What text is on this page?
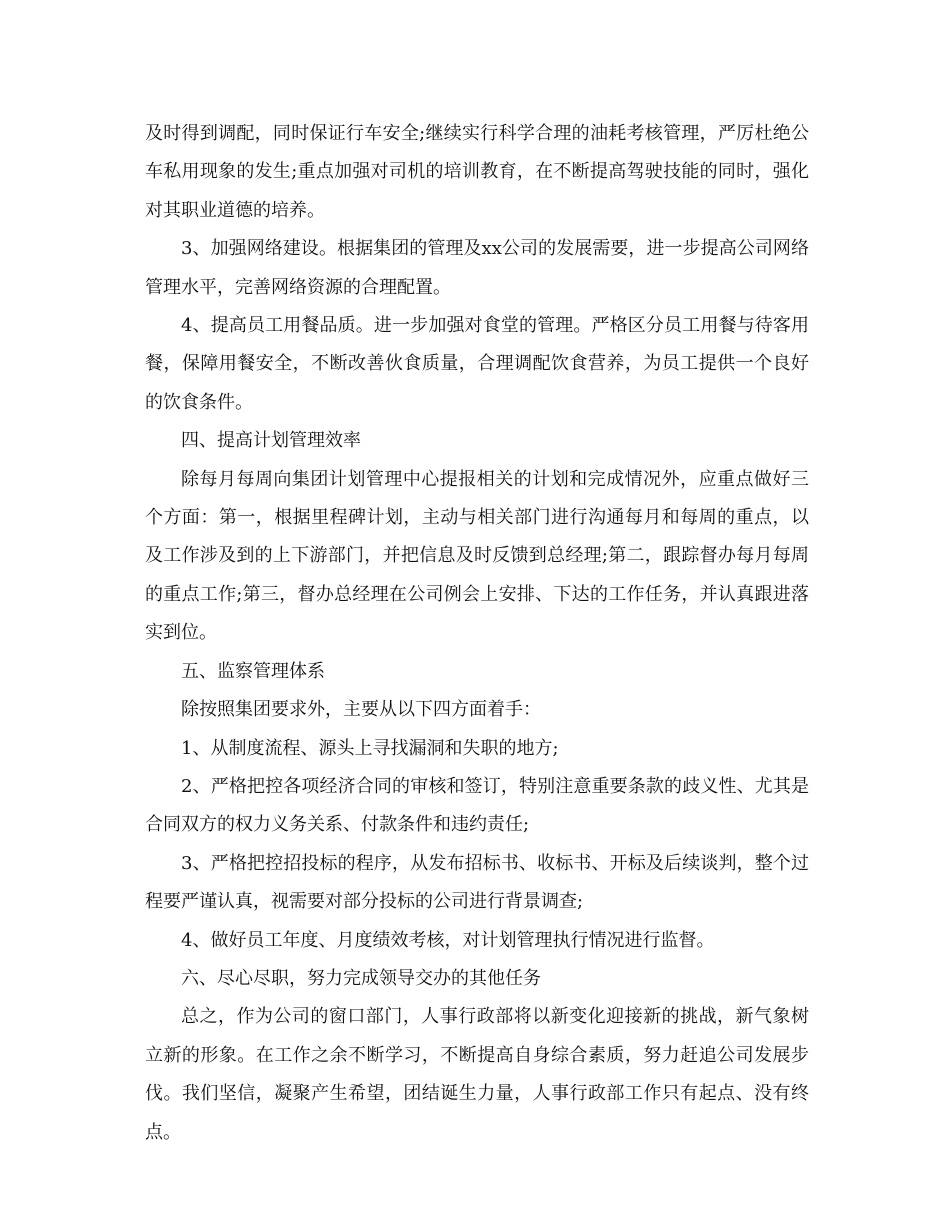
及时得到调配，同时保证行车安全;继续实行科学合理的油耗考核管理，严厉杜绝公车私用现象的发生;重点加强对司机的培训教育，在不断提高驾驶技能的同时，强化对其职业道德的培养。

3、加强网络建设。根据集团的管理及xx公司的发展需要，进一步提高公司网络管理水平，完善网络资源的合理配置。

4、提高员工用餐品质。进一步加强对食堂的管理。严格区分员工用餐与待客用餐，保障用餐安全，不断改善伙食质量，合理调配饮食营养，为员工提供一个良好的饮食条件。

四、提高计划管理效率

除每月每周向集团计划管理中心提报相关的计划和完成情况外，应重点做好三个方面：第一，根据里程碑计划，主动与相关部门进行沟通每月和每周的重点，以及工作涉及到的上下游部门，并把信息及时反馈到总经理;第二，跟踪督办每月每周的重点工作;第三，督办总经理在公司例会上安排、下达的工作任务，并认真跟进落实到位。

五、监察管理体系

除按照集团要求外，主要从以下四方面着手：

1、从制度流程、源头上寻找漏洞和失职的地方;

2、严格把控各项经济合同的审核和签订，特别注意重要条款的歧义性、尤其是合同双方的权力义务关系、付款条件和违约责任;

3、严格把控招投标的程序，从发布招标书、收标书、开标及后续谈判，整个过程要严谨认真，视需要对部分投标的公司进行背景调查;

4、做好员工年度、月度绩效考核，对计划管理执行情况进行监督。

六、尽心尽职，努力完成领导交办的其他任务

总之，作为公司的窗口部门，人事行政部将以新变化迎接新的挑战，新气象树立新的形象。在工作之余不断学习，不断提高自身综合素质，努力赶追公司发展步伐。我们坚信，凝聚产生希望，团结诞生力量，人事行政部工作只有起点、没有终点。
